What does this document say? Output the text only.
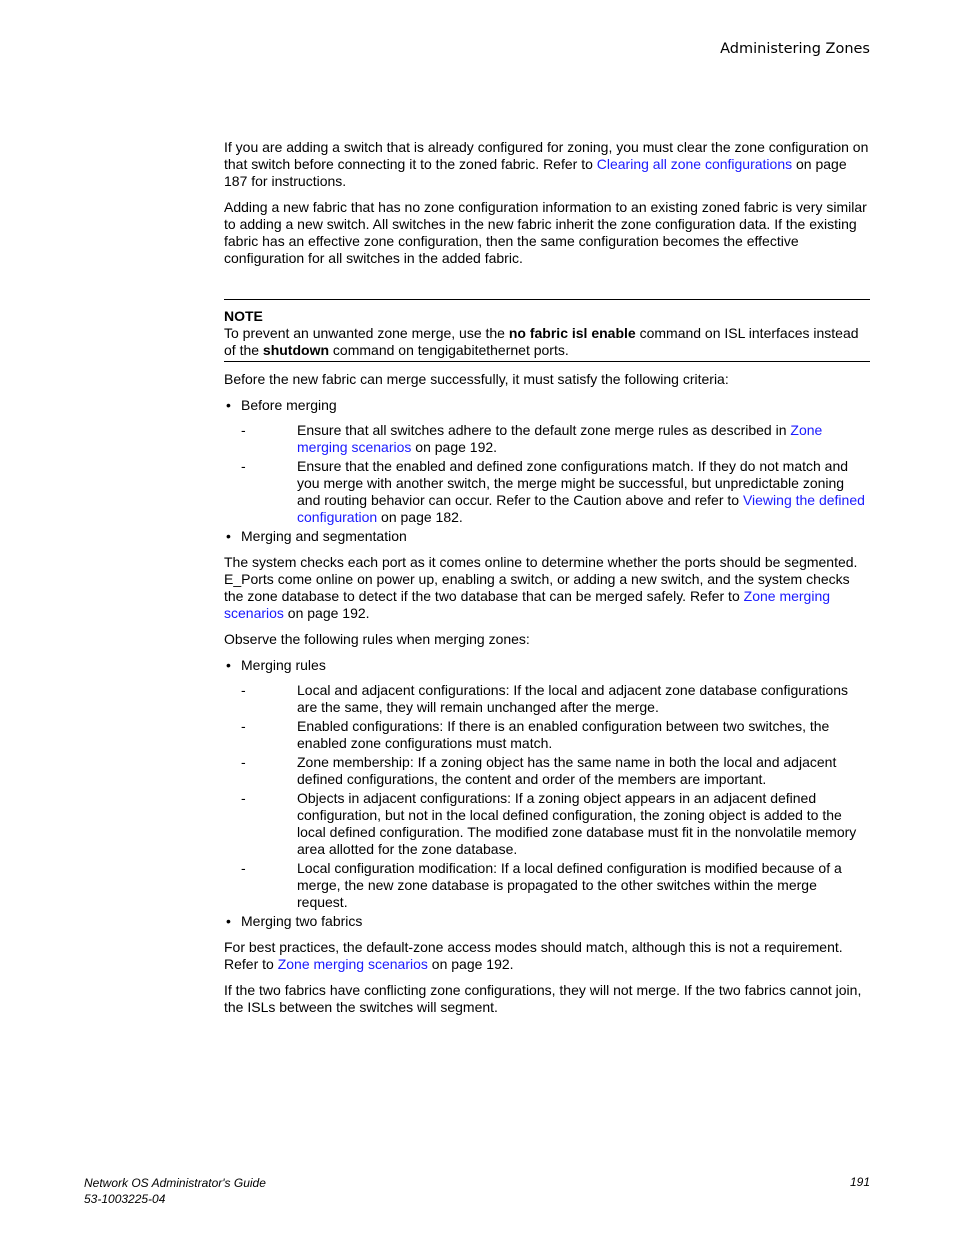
Administering Zones

If you are adding a switch that is already configured for zoning, you must clear the zone configuration on that switch before connecting it to the zoned fabric. Refer to Clearing all zone configurations on page 187 for instructions.

Adding a new fabric that has no zone configuration information to an existing zoned fabric is very similar to adding a new switch. All switches in the new fabric inherit the zone configuration data. If the existing fabric has an effective zone configuration, then the same configuration becomes the effective configuration for all switches in the added fabric.

NOTE

To prevent an unwanted zone merge, use the no fabric isl enable command on ISL interfaces instead of the shutdown command on tengigabitethernet ports.

Before the new fabric can merge successfully, it must satisfy the following criteria:

• Before merging
-	Ensure that all switches adhere to the default zone merge rules as described in Zone merging scenarios on page 192.
-	Ensure that the enabled and defined zone configurations match. If they do not match and you merge with another switch, the merge might be successful, but unpredictable zoning and routing behavior can occur. Refer to the Caution above and refer to Viewing the defined configuration on page 182.
• Merging and segmentation

The system checks each port as it comes online to determine whether the ports should be segmented. E_Ports come online on power up, enabling a switch, or adding a new switch, and the system checks the zone database to detect if the two database that can be merged safely. Refer to Zone merging scenarios on page 192.

Observe the following rules when merging zones:

• Merging rules
-	Local and adjacent configurations: If the local and adjacent zone database configurations are the same, they will remain unchanged after the merge.
-	Enabled configurations: If there is an enabled configuration between two switches, the enabled zone configurations must match.
-	Zone membership: If a zoning object has the same name in both the local and adjacent defined configurations, the content and order of the members are important.
-	Objects in adjacent configurations: If a zoning object appears in an adjacent defined configuration, but not in the local defined configuration, the zoning object is added to the local defined configuration. The modified zone database must fit in the nonvolatile memory area allotted for the zone database.
-	Local configuration modification: If a local defined configuration is modified because of a merge, the new zone database is propagated to the other switches within the merge request.
• Merging two fabrics

For best practices, the default-zone access modes should match, although this is not a requirement. Refer to Zone merging scenarios on page 192.

If the two fabrics have conflicting zone configurations, they will not merge. If the two fabrics cannot join, the ISLs between the switches will segment.

Network OS Administrator's Guide
53-1003225-04
191
